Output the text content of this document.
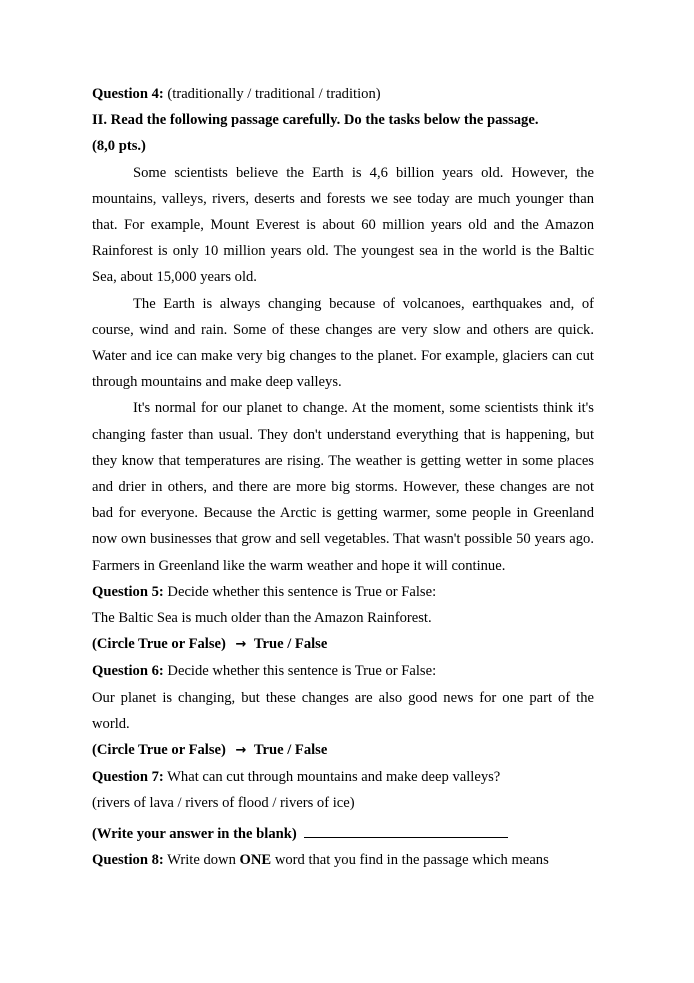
Question 4: (traditionally / traditional / tradition)

II. Read the following passage carefully. Do the tasks below the passage.

(8,0 pts.)

Some scientists believe the Earth is 4,6 billion years old. However, the mountains, valleys, rivers, deserts and forests we see today are much younger than that. For example, Mount Everest is about 60 million years old and the Amazon Rainforest is only 10 million years old. The youngest sea in the world is the Baltic Sea, about 15,000 years old.

The Earth is always changing because of volcanoes, earthquakes and, of course, wind and rain. Some of these changes are very slow and others are quick. Water and ice can make very big changes to the planet. For example, glaciers can cut through mountains and make deep valleys.

It's normal for our planet to change. At the moment, some scientists think it's changing faster than usual. They don't understand everything that is happening, but they know that temperatures are rising. The weather is getting wetter in some places and drier in others, and there are more big storms. However, these changes are not bad for everyone. Because the Arctic is getting warmer, some people in Greenland now own businesses that grow and sell vegetables. That wasn't possible 50 years ago. Farmers in Greenland like the warm weather and hope it will continue.

Question 5: Decide whether this sentence is True or False:

The Baltic Sea is much older than the Amazon Rainforest.

(Circle True or False) → True / False

Question 6: Decide whether this sentence is True or False:

Our planet is changing, but these changes are also good news for one part of the world.

(Circle True or False) → True / False

Question 7: What can cut through mountains and make deep valleys?

(rivers of lava / rivers of flood / rivers of ice)

(Write your answer in the blank)

Question 8: Write down ONE word that you find in the passage which means
